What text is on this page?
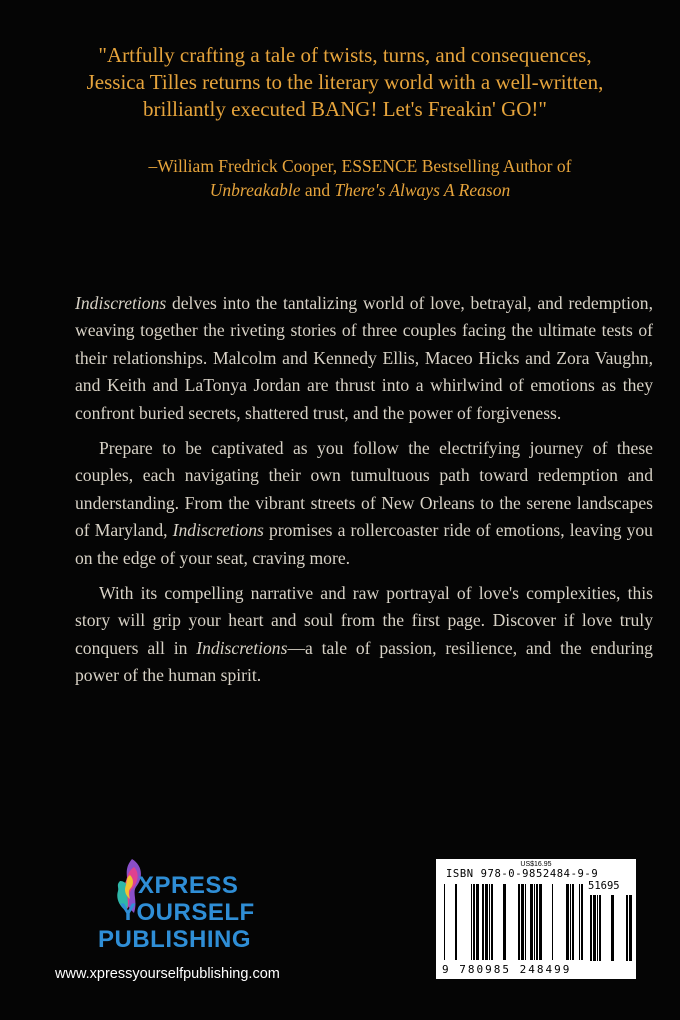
"Artfully crafting a tale of twists, turns, and consequences,
Jessica Tilles returns to the literary world with a well-written,
brilliantly executed BANG! Let's Freakin' GO!"
–William Fredrick Cooper, ESSENCE Bestselling Author of
Unbreakable and There's Always A Reason

Indiscretions delves into the tantalizing world of love, betrayal, and redemption, weaving together the riveting stories of three couples facing the ultimate tests of their relationships. Malcolm and Kennedy Ellis, Maceo Hicks and Zora Vaughn, and Keith and LaTonya Jordan are thrust into a whirlwind of emotions as they confront buried secrets, shattered trust, and the power of forgiveness.

Prepare to be captivated as you follow the electrifying journey of these couples, each navigating their own tumultuous path toward redemption and understanding. From the vibrant streets of New Orleans to the serene landscapes of Maryland, Indiscretions promises a rollercoaster ride of emotions, leaving you on the edge of your seat, craving more.

With its compelling narrative and raw portrayal of love's complexities, this story will grip your heart and soul from the first page. Discover if love truly conquers all in Indiscretions—a tale of passion, resilience, and the enduring power of the human spirit.

XPRESS
YOURSELF
PUBLISHING
www.xpressyourselfpublishing.com
US$16.95
ISBN 978-0-9852484-9-9
51695
9 780985 248499
